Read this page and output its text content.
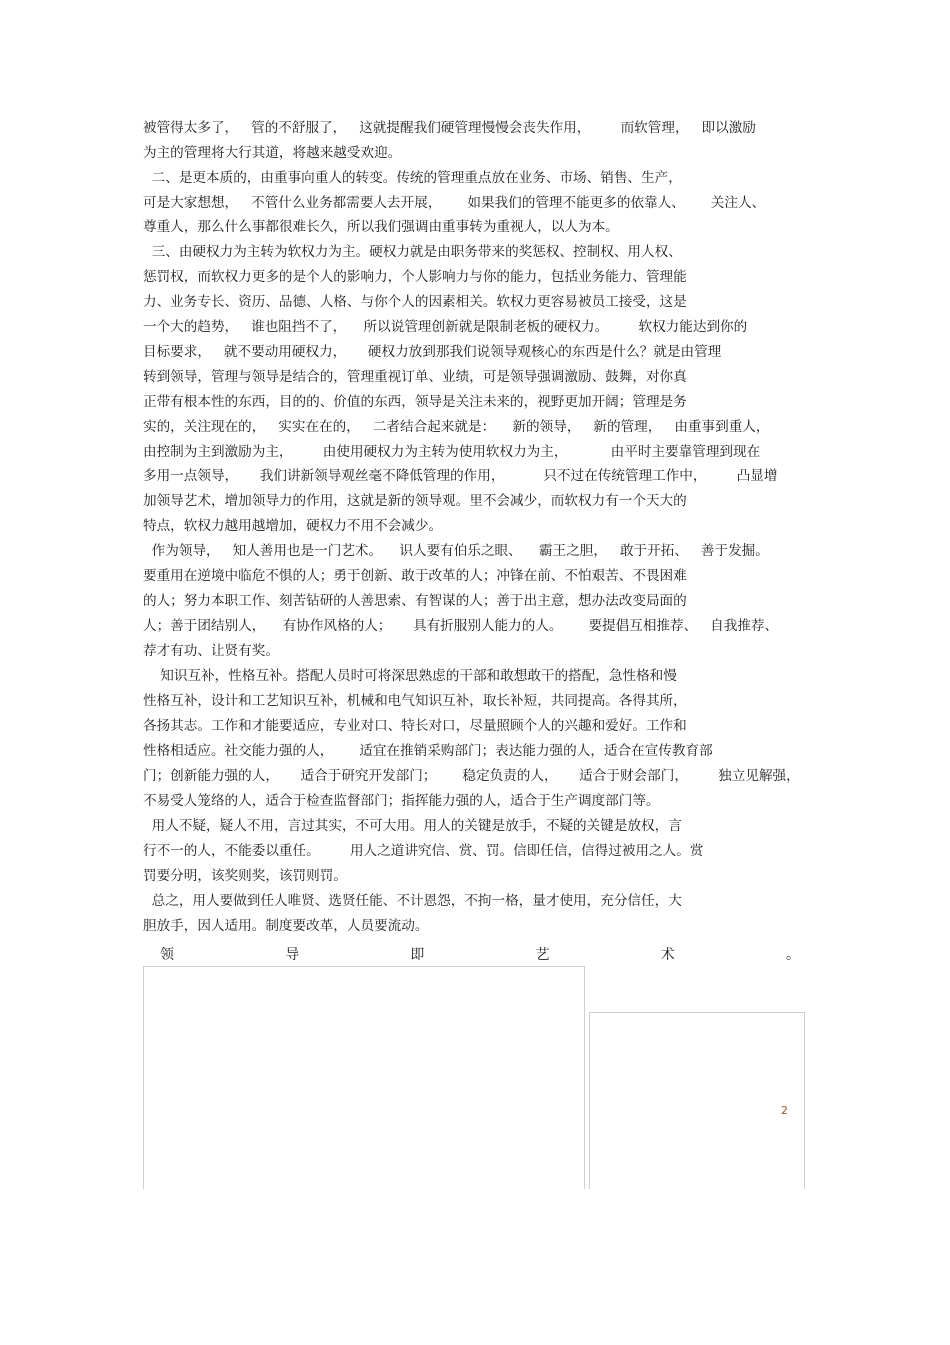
被管得太多了，   管的不舒服了，   这就提醒我们硬管理慢慢会丧失作用，       而软管理，   即以激励
为主的管理将大行其道，将越来越受欢迎。
二、是更本质的，由重事向重人的转变。传统的管理重点放在业务、市场、销售、生产，
可是大家想想，   不管什么业务都需要人去开展，      如果我们的管理不能更多的依靠人、      关注人、
尊重人，那么什么事都很难长久，所以我们强调由重事转为重视人，以人为本。
三、由硬权力为主转为软权力为主。硬权力就是由职务带来的奖惩权、控制权、用人权、
惩罚权，而软权力更多的是个人的影响力，个人影响力与你的能力，包括业务能力、管理能
力、业务专长、资历、品德、人格、与你个人的因素相关。软权力更容易被员工接受，这是
一个大的趋势，   谁也阻挡不了，    所以说管理创新就是限制老板的硬权力。       软权力能达到你的
目标要求，   就不要动用硬权力，     硬权力放到那我们说领导观核心的东西是什么？就是由管理
转到领导，管理与领导是结合的，管理重视订单、业绩，可是领导强调激励、鼓舞，对你真
正带有根本性的东西，目的的、价值的东西，领导是关注未来的，视野更加开阔；管理是务
实的，关注现在的，   实实在在的，   二者结合起来就是：    新的领导，   新的管理，   由重事到重人，
由控制为主到激励为主，       由使用硬权力为主转为使用软权力为主，          由平时主要靠管理到现在
多用一点领导，     我们讲新领导观丝毫不降低管理的作用，         只不过在传统管理工作中，       凸显增
加领导艺术，增加领导力的作用，这就是新的领导观。里不会减少，而软权力有一个天大的
特点，软权力越用越增加，硬权力不用不会减少。
作为领导，   知人善用也是一门艺术。    识人要有伯乐之眼、    霸王之胆，   敢于开拓、   善于发掘。
要重用在逆境中临危不惧的人；勇于创新、敢于改革的人；冲锋在前、不怕艰苦、不畏困难
的人；努力本职工作、刻苦钻研的人善思索、有智谋的人；善于出主意，想办法改变局面的
人；善于团结别人，    有协作风格的人；     具有折服别人能力的人。      要提倡互相推荐、   自我推荐、
荐才有功、让贤有奖。
知识互补，性格互补。搭配人员时可将深思熟虑的干部和敢想敢干的搭配，急性格和慢
性格互补，设计和工艺知识互补，机械和电气知识互补，取长补短，共同提高。各得其所，
各扬其志。工作和才能要适应，专业对口、特长对口，尽量照顾个人的兴趣和爱好。工作和
性格相适应。社交能力强的人，      适宜在推销采购部门；表达能力强的人，适合在宣传教育部
门；创新能力强的人，     适合于研究开发部门；      稳定负责的人，     适合于财会部门，       独立见解强，
不易受人笼络的人，适合于检查监督部门；指挥能力强的人，适合于生产调度部门等。
用人不疑，疑人不用，言过其实，不可大用。用人的关键是放手，不疑的关键是放权，言
行不一的人，不能委以重任。       用人之道讲究信、赏、罚。信即任信，信得过被用之人。赏
罚要分明，该奖则奖，该罚则罚。
总之，用人要做到任人唯贤、选贤任能、不计恩怨，不拘一格，量才使用，充分信任，大
胆放手，因人适用。制度要改革，人员要流动。
领	导	即	艺	术	。
2
